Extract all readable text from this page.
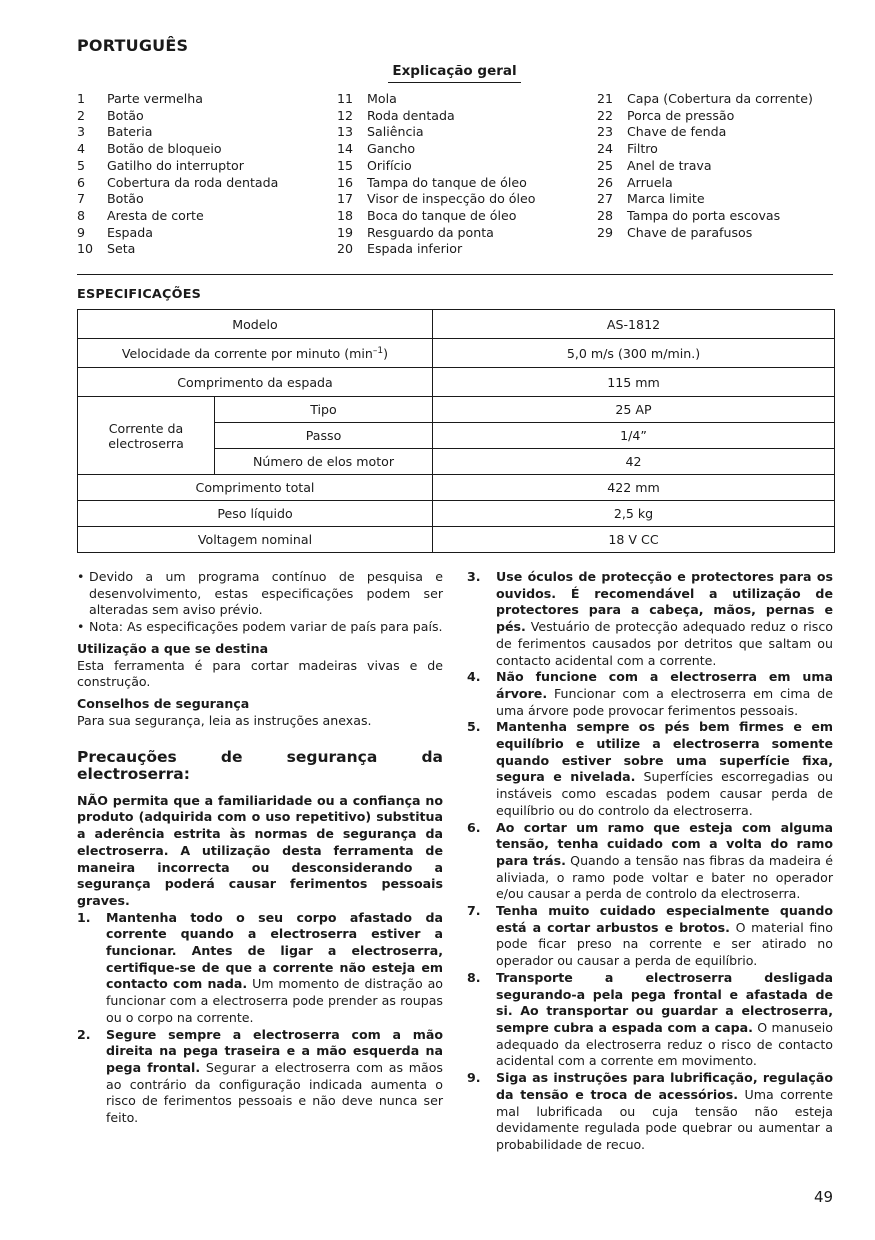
PORTUGUÊS
Explicação geral
1	Parte vermelha
2	Botão
3	Bateria
4	Botão de bloqueio
5	Gatilho do interruptor
6	Cobertura da roda dentada
7	Botão
8	Aresta de corte
9	Espada
10	Seta
11	Mola
12	Roda dentada
13	Saliência
14	Gancho
15	Orifício
16	Tampa do tanque de óleo
17	Visor de inspecção do óleo
18	Boca do tanque de óleo
19	Resguardo da ponta
20	Espada inferior
21	Capa (Cobertura da corrente)
22	Porca de pressão
23	Chave de fenda
24	Filtro
25	Anel de trava
26	Arruela
27	Marca limite
28	Tampa do porta escovas
29	Chave de parafusos
ESPECIFICAÇÕES
Modelo		AS-1812
Velocidade da corrente por minuto $(\min^{-1})$		5,0 m/s (300 m/min.)
Comprimento da espada		115 mm

Corrente da electroserra	Tipo	25 AP
	Passo	1/4”
	Número de elos motor	42
Comprimento total		422 mm
Peso líquido		2,5 kg
Voltagem nominal		18 V CC
• Devido a um programa contínuo de pesquisa e desenvolvimento, estas especificações podem ser alteradas sem aviso prévio.
• Nota: As especificações podem variar de país para país.
Utilização a que se destina
Esta ferramenta é para cortar madeiras vivas e de construção.
Conselhos de segurança
Para sua segurança, leia as instruções anexas.
Precauções de segurança da electroserra:
NÃO permita que a familiaridade ou a confiança no produto (adquirida com o uso repetitivo) substitua a aderência estrita às normas de segurança da electroserra. A utilização desta ferramenta de maneira incorrecta ou desconsiderando a segurança poderá causar ferimentos pessoais graves.
1.	Mantenha todo o seu corpo afastado da corrente quando a electroserra estiver a funcionar. Antes de ligar a electroserra, certifique-se de que a corrente não esteja em contacto com nada. Um momento de distração ao funcionar com a electroserra pode prender as roupas ou o corpo na corrente.
2.	Segure sempre a electroserra com a mão direita na pega traseira e a mão esquerda na pega frontal. Segurar a electroserra com as mãos ao contrário da configuração indicada aumenta o risco de ferimentos pessoais e não deve nunca ser feito.
3.	Use óculos de protecção e protectores para os ouvidos. É recomendável a utilização de protectores para a cabeça, mãos, pernas e pés. Vestuário de protecção adequado reduz o risco de ferimentos causados por detritos que saltam ou contacto acidental com a corrente.
4.	Não funcione com a electroserra em uma árvore. Funcionar com a electroserra em cima de uma árvore pode provocar ferimentos pessoais.
5.	Mantenha sempre os pés bem firmes e em equilíbrio e utilize a electroserra somente quando estiver sobre uma superfície fixa, segura e nivelada. Superfícies escorregadias ou instáveis como escadas podem causar perda de equilíbrio ou do controlo da electroserra.
6.	Ao cortar um ramo que esteja com alguma tensão, tenha cuidado com a volta do ramo para trás. Quando a tensão nas fibras da madeira é aliviada, o ramo pode voltar e bater no operador e/ou causar a perda de controlo da electroserra.
7.	Tenha muito cuidado especialmente quando está a cortar arbustos e brotos. O material fino pode ficar preso na corrente e ser atirado no operador ou causar a perda de equilíbrio.
8.	Transporte a electroserra desligada segurando-a pela pega frontal e afastada de si. Ao transportar ou guardar a electroserra, sempre cubra a espada com a capa. O manuseio adequado da electroserra reduz o risco de contacto acidental com a corrente em movimento.
9.	Siga as instruções para lubrificação, regulação da tensão e troca de acessórios. Uma corrente mal lubrificada ou cuja tensão não esteja devidamente regulada pode quebrar ou aumentar a probabilidade de recuo.
49
